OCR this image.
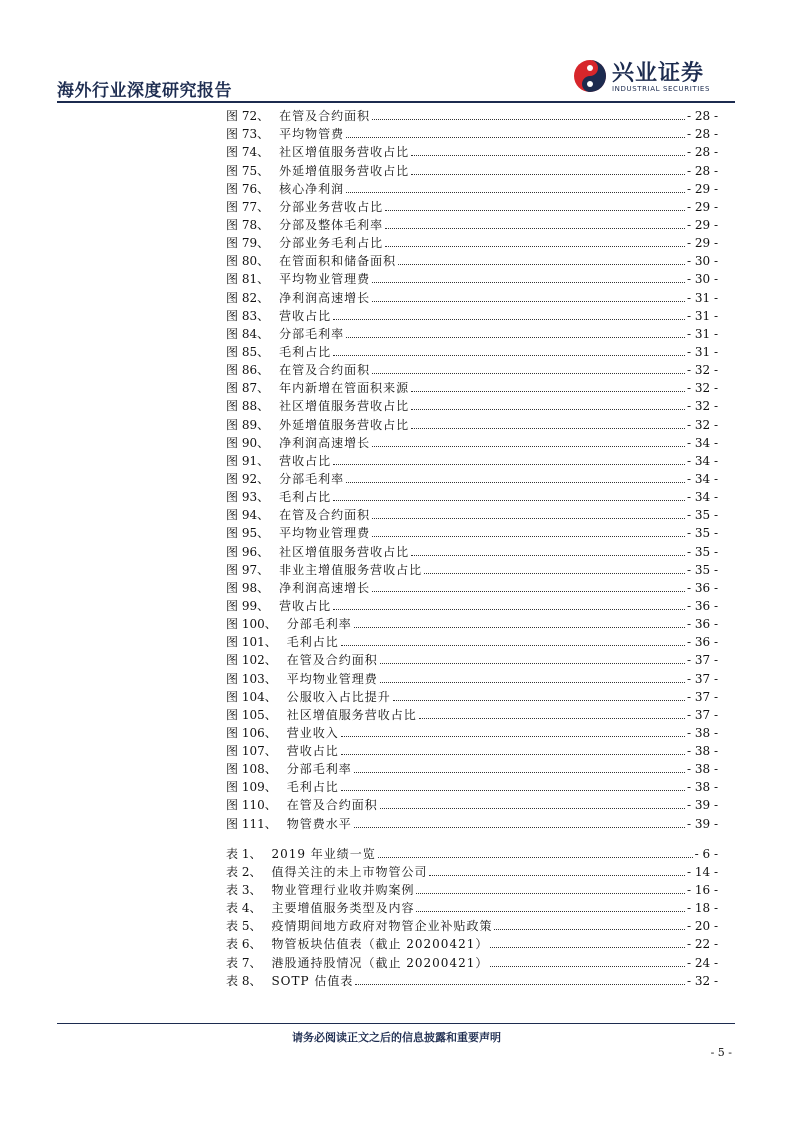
海外行业深度研究报告
兴业证券
INDUSTRIAL SECURITIES
图 72、 在管及合约面积	- 28 -
图 73、 平均物管费	- 28 -
图 74、 社区增值服务营收占比	- 28 -
图 75、 外延增值服务营收占比	- 28 -
图 76、 核心净利润	- 29 -
图 77、 分部业务营收占比	- 29 -
图 78、 分部及整体毛利率	- 29 -
图 79、 分部业务毛利占比	- 29 -
图 80、 在管面积和储备面积	- 30 -
图 81、 平均物业管理费	- 30 -
图 82、 净利润高速增长	- 31 -
图 83、 营收占比	- 31 -
图 84、 分部毛利率	- 31 -
图 85、 毛利占比	- 31 -
图 86、 在管及合约面积	- 32 -
图 87、 年内新增在管面积来源	- 32 -
图 88、 社区增值服务营收占比	- 32 -
图 89、 外延增值服务营收占比	- 32 -
图 90、 净利润高速增长	- 34 -
图 91、 营收占比	- 34 -
图 92、 分部毛利率	- 34 -
图 93、 毛利占比	- 34 -
图 94、 在管及合约面积	- 35 -
图 95、 平均物业管理费	- 35 -
图 96、 社区增值服务营收占比	- 35 -
图 97、 非业主增值服务营收占比	- 35 -
图 98、 净利润高速增长	- 36 -
图 99、 营收占比	- 36 -
图 100、 分部毛利率	- 36 -
图 101、 毛利占比	- 36 -
图 102、 在管及合约面积	- 37 -
图 103、 平均物业管理费	- 37 -
图 104、 公服收入占比提升	- 37 -
图 105、 社区增值服务营收占比	- 37 -
图 106、 营业收入	- 38 -
图 107、 营收占比	- 38 -
图 108、 分部毛利率	- 38 -
图 109、 毛利占比	- 38 -
图 110、 在管及合约面积	- 39 -
图 111、 物管费水平	- 39 -
表 1、 2019 年业绩一览	- 6 -
表 2、 值得关注的未上市物管公司	- 14 -
表 3、 物业管理行业收并购案例	- 16 -
表 4、 主要增值服务类型及内容	- 18 -
表 5、 疫情期间地方政府对物管企业补贴政策	- 20 -
表 6、 物管板块估值表（截止 20200421）	- 22 -
表 7、 港股通持股情况（截止 20200421）	- 24 -
表 8、 SOTP 估值表	- 32 -
请务必阅读正文之后的信息披露和重要声明
- 5 -
